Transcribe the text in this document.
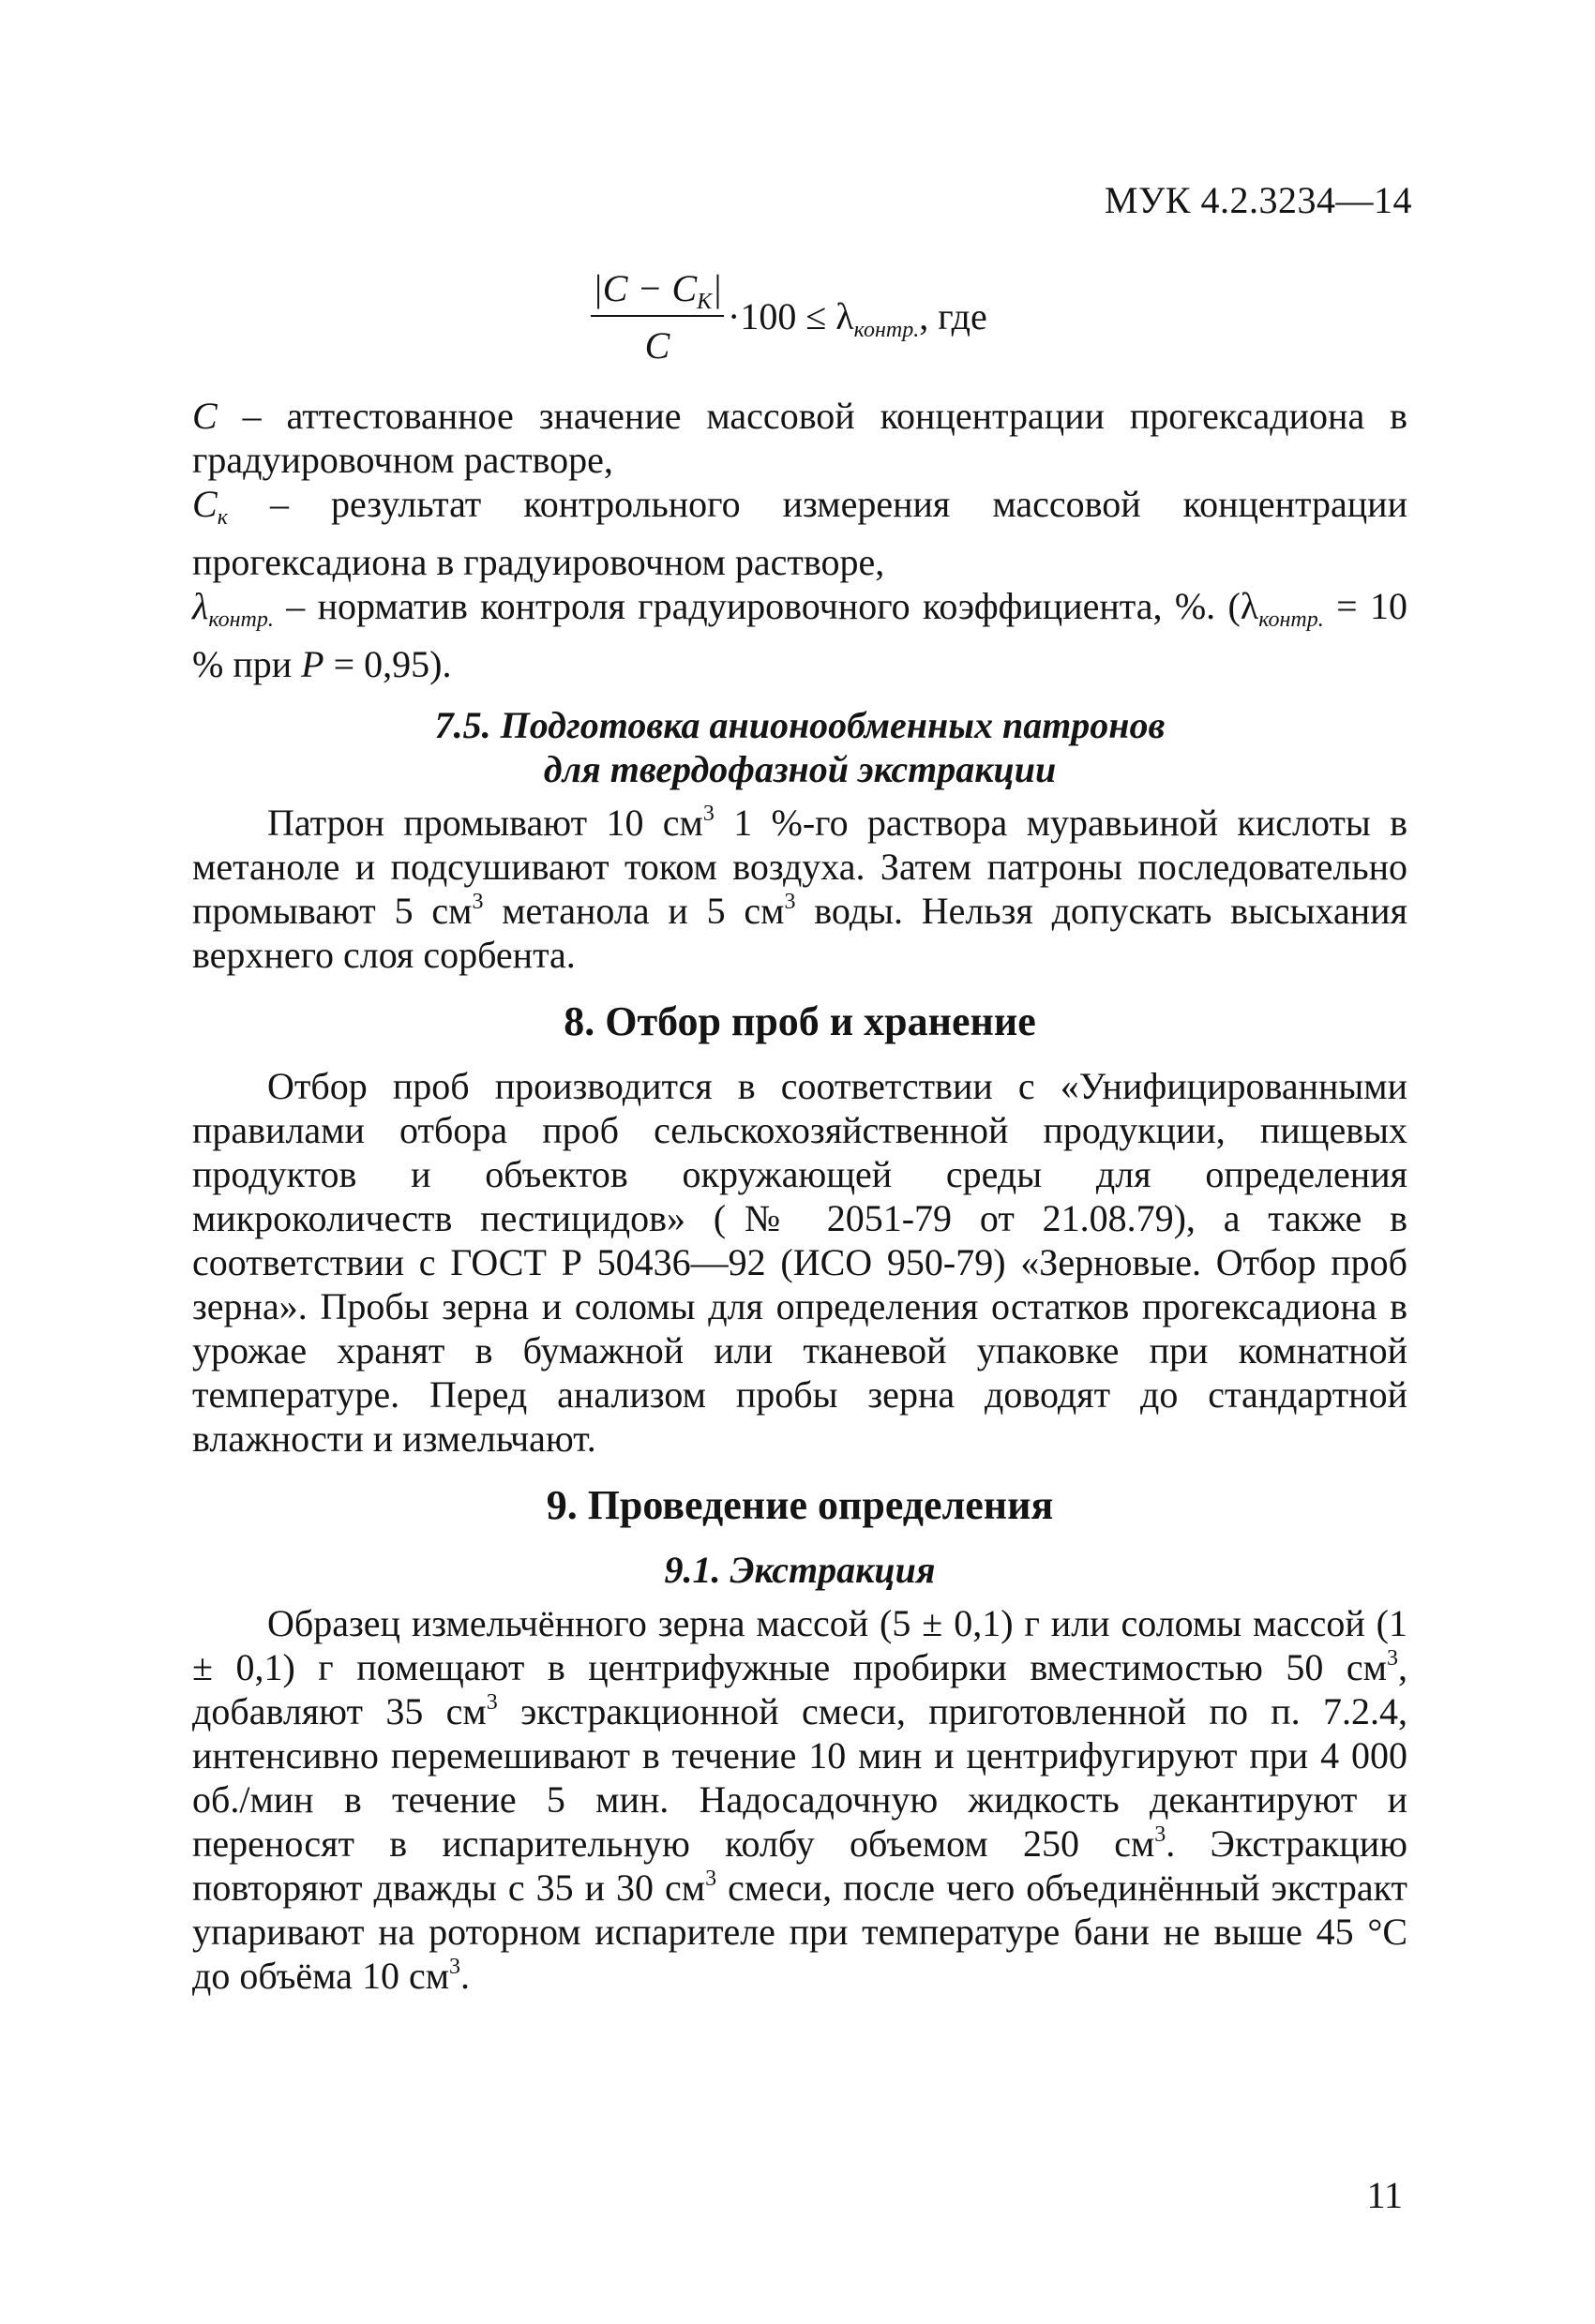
МУК 4.2.3234—14
$|C - C_K|$
C
$\cdot 100 \le \lambda_{контр.}$, где

C – аттестованное значение массовой концентрации прогексадиона в градуировочном растворе,

$C_к$ – результат контрольного измерения массовой концентрации прогексадиона в градуировочном растворе,

$\lambda_{контр.}$ – норматив контроля градуировочного коэффициента, %. ($\lambda_{контр.} = 10$ % при P = 0,95).

7.5. Подготовка анионообменных патронов
для твердофазной экстракции

Патрон промывают 10 $см^3$ 1 %-го раствора муравьиной кислоты в метаноле и подсушивают током воздуха. Затем патроны последовательно промывают 5 $см^3$ метанола и 5 $см^3$ воды. Нельзя допускать высыхания верхнего слоя сорбента.

8. Отбор проб и хранение

Отбор проб производится в соответствии с «Унифицированными правилами отбора проб сельскохозяйственной продукции, пищевых продуктов и объектов окружающей среды для определения микроколичеств пестицидов» (№ 2051-79 от 21.08.79), а также в соответствии с ГОСТ Р 50436—92 (ИСО 950-79) «Зерновые. Отбор проб зерна». Пробы зерна и соломы для определения остатков прогексадиона в урожае хранят в бумажной или тканевой упаковке при комнатной температуре. Перед анализом пробы зерна доводят до стандартной влажности и измельчают.

9. Проведение определения

9.1. Экстракция

Образец измельчённого зерна массой (5 ± 0,1) г или соломы массой (1 ± 0,1) г помещают в центрифужные пробирки вместимостью 50 $см^3$, добавляют 35 $см^3$ экстракционной смеси, приготовленной по п. 7.2.4, интенсивно перемешивают в течение 10 мин и центрифугируют при 4 000 об./мин в течение 5 мин. Надосадочную жидкость декантируют и переносят в испарительную колбу объемом 250 $см^3$. Экстракцию повторяют дважды с 35 и 30 $см^3$ смеси, после чего объединённый экстракт упаривают на роторном испарителе при температуре бани не выше 45 °С до объёма 10 $см^3$.

11
